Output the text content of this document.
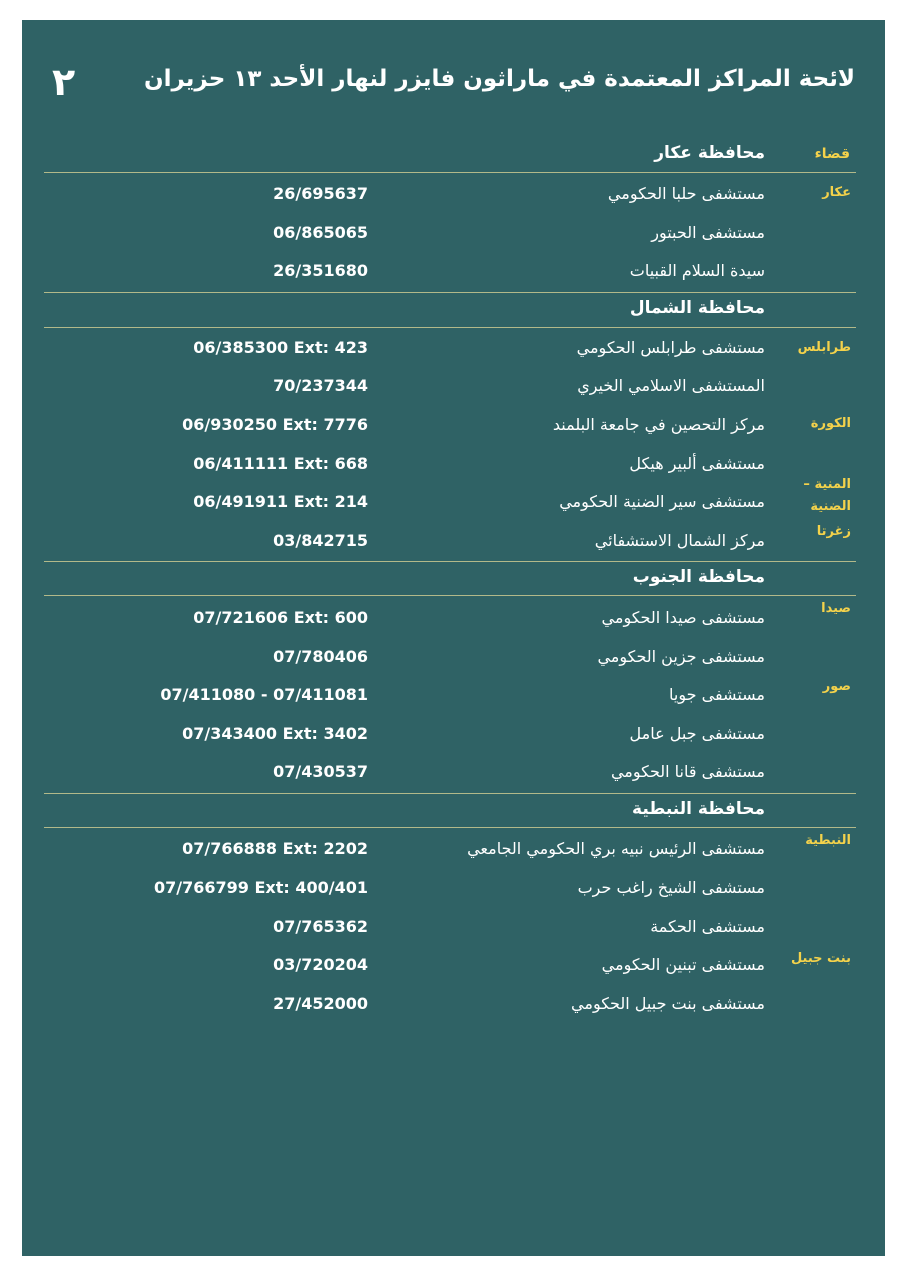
لائحة المراكز المعتمدة في ماراثون فايزر لنهار الأحد ١٣ حزيران
٢
قضاء
محافظة عكار
مستشفى حلبا الحكومي
26/695637
مستشفى الحبتور
06/865065
سيدة السلام القبيات
26/351680
محافظة الشمال
مستشفى طرابلس الحكومي
06/385300 Ext: 423
المستشفى الاسلامي الخيري
70/237344
مركز التحصين في جامعة البلمند
06/930250 Ext: 7776
مستشفى ألبير هيكل
06/411111 Ext: 668
مستشفى سير الضنية الحكومي
06/491911 Ext: 214
مركز الشمال الاستشفائي
03/842715
محافظة الجنوب
مستشفى صيدا الحكومي
07/721606 Ext: 600
مستشفى جزين الحكومي
07/780406
مستشفى جويا
07/411080 - 07/411081
مستشفى جبل عامل
07/343400 Ext: 3402
مستشفى قانا الحكومي
07/430537
محافظة النبطية
مستشفى الرئيس نبيه بري الحكومي الجامعي
07/766888 Ext: 2202
مستشفى الشيخ راغب حرب
07/766799 Ext: 400/401
مستشفى الحكمة
07/765362
مستشفى تبنين الحكومي
03/720204
مستشفى بنت جبيل الحكومي
27/452000
عكار
طرابلس
الكورة
المنية – الضنية
زغرتا
صيدا
صور
النبطية
بنت جبيل
